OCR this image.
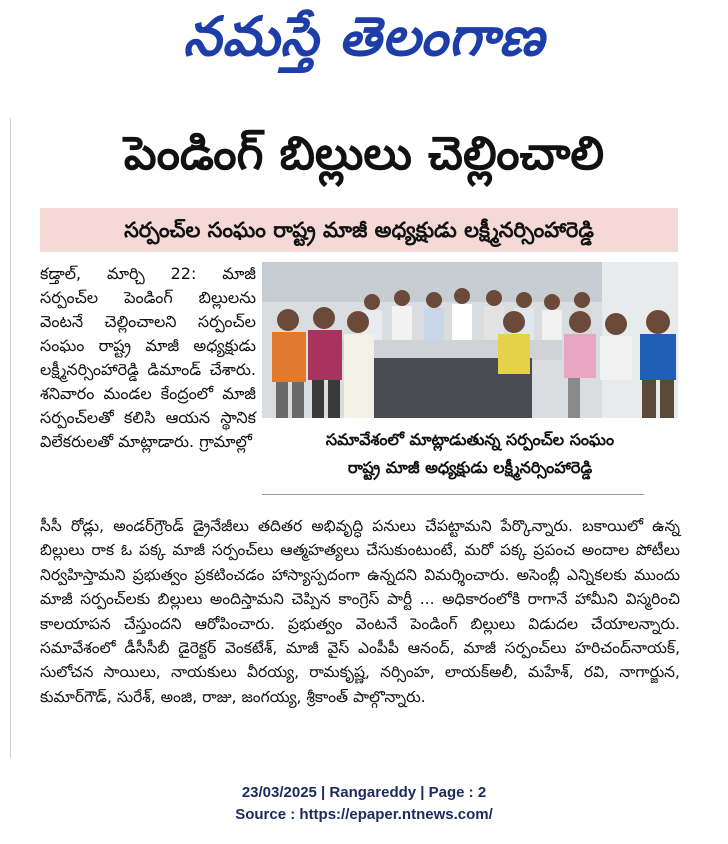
నమస్తే తెలంగాణ
పెండింగ్ బిల్లులు చెల్లించాలి
సర్పంచ్‌ల సంఘం రాష్ట్ర మాజీ అధ్యక్షుడు లక్ష్మీనర్సింహారెడ్డి
కడ్తాల్, మార్చి 22: మాజీ సర్పంచ్‌ల పెండింగ్ బిల్లులను వెంటనే చెల్లించాలని సర్పంచ్‌ల సంఘం రాష్ట్ర మాజీ అధ్యక్షుడు లక్ష్మీనర్సింహారెడ్డి డిమాండ్ చేశారు. శనివారం మండల కేంద్రంలో మాజీ సర్పంచ్‌లతో కలిసి ఆయన స్థానిక విలేకరులతో మాట్లాడారు. గ్రామాల్లో	సమావేశంలో మాట్లాడుతున్న సర్పంచ్‌ల సంఘం
రాష్ట్ర మాజీ అధ్యక్షుడు లక్ష్మీనర్సింహారెడ్డి
సీసీ రోడ్లు, అండర్‌గ్రౌండ్ డ్రైనేజీలు తదితర అభివృద్ధి పనులు చేపట్టామని పేర్కొన్నారు. బకాయిలో ఉన్న బిల్లులు రాక ఓ పక్క మాజీ సర్పంచ్‌లు ఆత్మహత్యలు చేసుకుంటుంటే, మరో పక్క ప్రపంచ అందాల పోటీలు నిర్వహిస్తామని ప్రభుత్వం ప్రకటించడం హాస్యాస్పదంగా ఉన్నదని విమర్శించారు. అసెంబ్లీ ఎన్నికలకు ముందు మాజీ సర్పంచ్‌లకు బిల్లులు అందిస్తామని చెప్పిన కాంగ్రెస్ పార్టీ ... అధికారంలోకి రాగానే హామీని విస్మరించి కాలయాపన చేస్తుందని ఆరోపించారు. ప్రభుత్వం వెంటనే పెండింగ్ బిల్లులు విడుదల చేయాలన్నారు. సమావేశంలో డీసీసీబీ డైరెక్టర్ వెంకటేశ్, మాజీ వైస్ ఎంపీపీ ఆనంద్, మాజీ సర్పంచ్‌లు హరిచంద్‌నాయక్, సులోచన సాయిలు, నాయకులు వీరయ్య, రామకృష్ణ, నర్సింహ, లాయక్‌అలీ, మహేశ్, రవి, నాగార్జున, కుమార్‌గౌడ్, సురేశ్, అంజి, రాజు, జంగయ్య, శ్రీకాంత్ పాల్గొన్నారు.
23/03/2025 | Rangareddy | Page : 2
Source : https://epaper.ntnews.com/
